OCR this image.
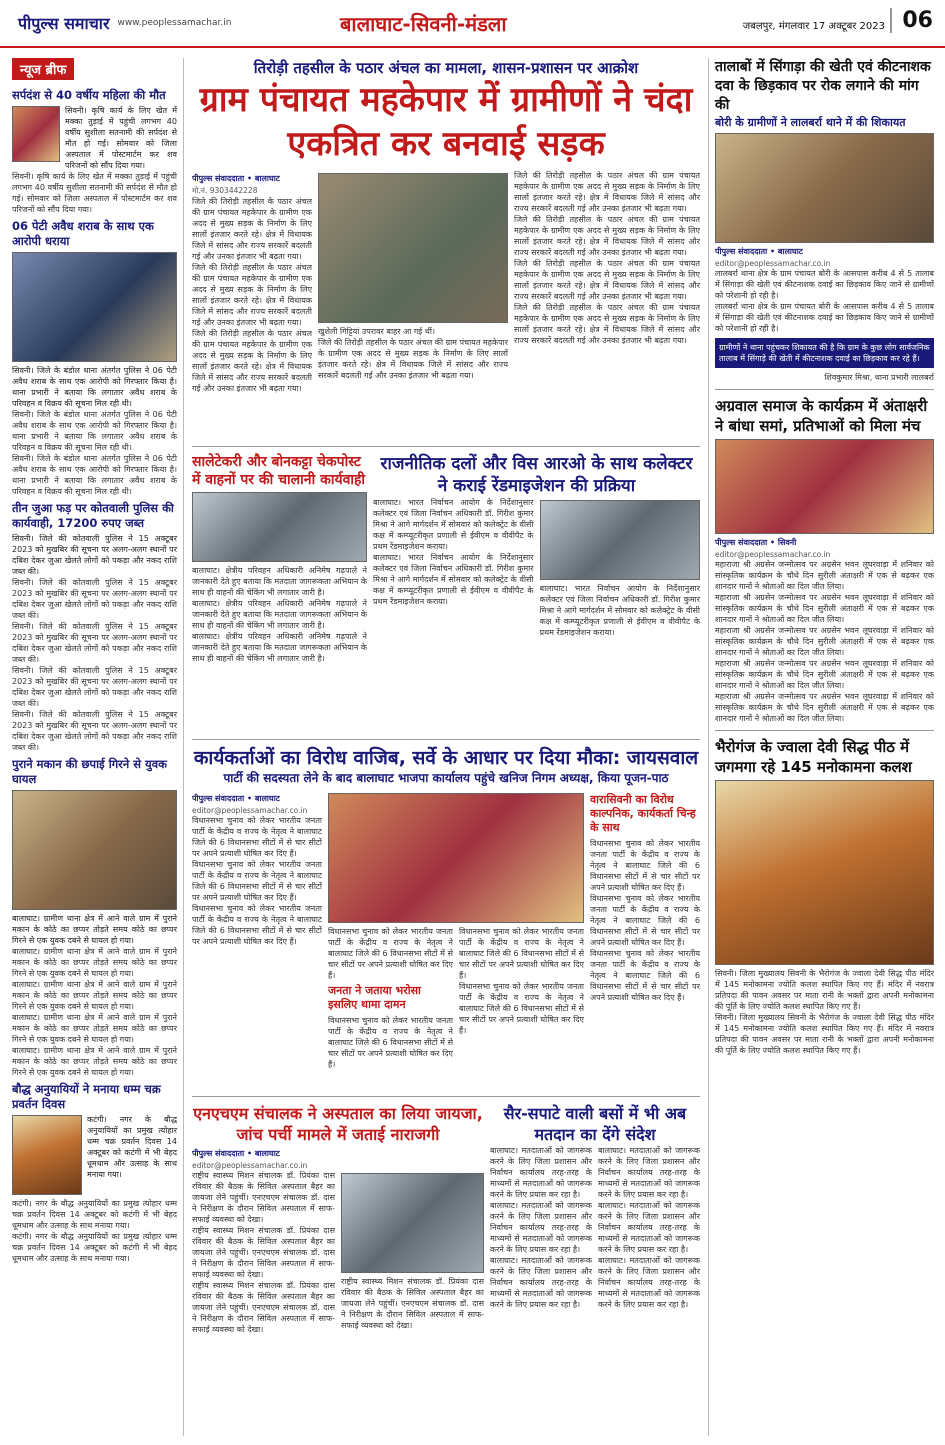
पीपुल्स समाचार www.peoplessamachar.in	बालाघाट-सिवनी-मंडला	जबलपुर, मंगलवार 17 अक्टूबर 2023 06
न्यूज ब्रीफ
सर्पदंश से 40 वर्षीय महिला की मौत
सिवनी। कृषि कार्य के लिए खेत में मक्का तुड़ाई में पहुंची लगभग 40 वर्षीय सुशीला सतनामी की सर्पदंश से मौत हो गई। सोमवार को जिला अस्पताल में पोस्टमार्टम कर शव परिजनों को सौंप दिया गया।
सिवनी। कृषि कार्य के लिए खेत में मक्का तुड़ाई में पहुंची लगभग 40 वर्षीय सुशीला सतनामी की सर्पदंश से मौत हो गई। सोमवार को जिला अस्पताल में पोस्टमार्टम कर शव परिजनों को सौंप दिया गया।
06 पेटी अवैध शराब के साथ एक आरोपी धराया
सिवनी। जिले के बंडोल थाना अंतर्गत पुलिस ने 06 पेटी अवैध शराब के साथ एक आरोपी को गिरफ्तार किया है। थाना प्रभारी ने बताया कि लगातार अवैध शराब के परिवहन व विक्रय की सूचना मिल रही थी।
सिवनी। जिले के बंडोल थाना अंतर्गत पुलिस ने 06 पेटी अवैध शराब के साथ एक आरोपी को गिरफ्तार किया है। थाना प्रभारी ने बताया कि लगातार अवैध शराब के परिवहन व विक्रय की सूचना मिल रही थी।
सिवनी। जिले के बंडोल थाना अंतर्गत पुलिस ने 06 पेटी अवैध शराब के साथ एक आरोपी को गिरफ्तार किया है। थाना प्रभारी ने बताया कि लगातार अवैध शराब के परिवहन व विक्रय की सूचना मिल रही थी।
तीन जुआ फड़ पर कोतवाली पुलिस की कार्यवाही, 17200 रुपए जब्त
सिवनी। जिले की कोतवाली पुलिस ने 15 अक्टूबर 2023 को मुखबिर की सूचना पर अलग-अलग स्थानों पर दबिश देकर जुआ खेलते लोगों को पकड़ा और नकद राशि जब्त की।
सिवनी। जिले की कोतवाली पुलिस ने 15 अक्टूबर 2023 को मुखबिर की सूचना पर अलग-अलग स्थानों पर दबिश देकर जुआ खेलते लोगों को पकड़ा और नकद राशि जब्त की।
सिवनी। जिले की कोतवाली पुलिस ने 15 अक्टूबर 2023 को मुखबिर की सूचना पर अलग-अलग स्थानों पर दबिश देकर जुआ खेलते लोगों को पकड़ा और नकद राशि जब्त की।
सिवनी। जिले की कोतवाली पुलिस ने 15 अक्टूबर 2023 को मुखबिर की सूचना पर अलग-अलग स्थानों पर दबिश देकर जुआ खेलते लोगों को पकड़ा और नकद राशि जब्त की।
सिवनी। जिले की कोतवाली पुलिस ने 15 अक्टूबर 2023 को मुखबिर की सूचना पर अलग-अलग स्थानों पर दबिश देकर जुआ खेलते लोगों को पकड़ा और नकद राशि जब्त की।
पुराने मकान की छपाई गिरने से युवक घायल
बालाघाट। ग्रामीण थाना क्षेत्र में आने वाले ग्राम में पुराने मकान के कोठे का छप्पर तोड़ते समय कोठे का छप्पर गिरने से एक युवक दबने से घायल हो गया।
बालाघाट। ग्रामीण थाना क्षेत्र में आने वाले ग्राम में पुराने मकान के कोठे का छप्पर तोड़ते समय कोठे का छप्पर गिरने से एक युवक दबने से घायल हो गया।
बालाघाट। ग्रामीण थाना क्षेत्र में आने वाले ग्राम में पुराने मकान के कोठे का छप्पर तोड़ते समय कोठे का छप्पर गिरने से एक युवक दबने से घायल हो गया।
बालाघाट। ग्रामीण थाना क्षेत्र में आने वाले ग्राम में पुराने मकान के कोठे का छप्पर तोड़ते समय कोठे का छप्पर गिरने से एक युवक दबने से घायल हो गया।
बालाघाट। ग्रामीण थाना क्षेत्र में आने वाले ग्राम में पुराने मकान के कोठे का छप्पर तोड़ते समय कोठे का छप्पर गिरने से एक युवक दबने से घायल हो गया।
बौद्ध अनुयायियों ने मनाया धम्म चक्र प्रवर्तन दिवस
कटंगी। नगर के बौद्ध अनुयायियों का प्रमुख त्योहार धम्म चक्र प्रवर्तन दिवस 14 अक्टूबर को कटंगी में भी बेहद धूमधाम और उत्साह के साथ मनाया गया।
कटंगी। नगर के बौद्ध अनुयायियों का प्रमुख त्योहार धम्म चक्र प्रवर्तन दिवस 14 अक्टूबर को कटंगी में भी बेहद धूमधाम और उत्साह के साथ मनाया गया।
कटंगी। नगर के बौद्ध अनुयायियों का प्रमुख त्योहार धम्म चक्र प्रवर्तन दिवस 14 अक्टूबर को कटंगी में भी बेहद धूमधाम और उत्साह के साथ मनाया गया।
तिरोड़ी तहसील के पठार अंचल का मामला, शासन-प्रशासन पर आक्रोश
ग्राम पंचायत महकेपार में ग्रामीणों ने चंदा एकत्रित कर बनवाई सड़क
पीपुल्स संवाददाता • बालाघाट
मो.नं. 9303442228
जिले की तिरोड़ी तहसील के पठार अंचल की ग्राम पंचायत महकेपार के ग्रामीण एक अदद से मुख्य सड़क के निर्माण के लिए सालों इंतजार करते रहे। क्षेत्र में विधायक जिले में सांसद और राज्य सरकारें बदलती गई और उनका इंतजार भी बढ़ता गया।
जिले की तिरोड़ी तहसील के पठार अंचल की ग्राम पंचायत महकेपार के ग्रामीण एक अदद से मुख्य सड़क के निर्माण के लिए सालों इंतजार करते रहे। क्षेत्र में विधायक जिले में सांसद और राज्य सरकारें बदलती गई और उनका इंतजार भी बढ़ता गया।
जिले की तिरोड़ी तहसील के पठार अंचल की ग्राम पंचायत महकेपार के ग्रामीण एक अदद से मुख्य सड़क के निर्माण के लिए सालों इंतजार करते रहे। क्षेत्र में विधायक जिले में सांसद और राज्य सरकारें बदलती गई और उनका इंतजार भी बढ़ता गया।
खुशेली गिट्टियां उपरावर बाहर आ गई थीं।
जिले की तिरोड़ी तहसील के पठार अंचल की ग्राम पंचायत महकेपार के ग्रामीण एक अदद से मुख्य सड़क के निर्माण के लिए सालों इंतजार करते रहे। क्षेत्र में विधायक जिले में सांसद और राज्य सरकारें बदलती गई और उनका इंतजार भी बढ़ता गया।
जिले की तिरोड़ी तहसील के पठार अंचल की ग्राम पंचायत महकेपार के ग्रामीण एक अदद से मुख्य सड़क के निर्माण के लिए सालों इंतजार करते रहे। क्षेत्र में विधायक जिले में सांसद और राज्य सरकारें बदलती गई और उनका इंतजार भी बढ़ता गया।
जिले की तिरोड़ी तहसील के पठार अंचल की ग्राम पंचायत महकेपार के ग्रामीण एक अदद से मुख्य सड़क के निर्माण के लिए सालों इंतजार करते रहे। क्षेत्र में विधायक जिले में सांसद और राज्य सरकारें बदलती गई और उनका इंतजार भी बढ़ता गया।
जिले की तिरोड़ी तहसील के पठार अंचल की ग्राम पंचायत महकेपार के ग्रामीण एक अदद से मुख्य सड़क के निर्माण के लिए सालों इंतजार करते रहे। क्षेत्र में विधायक जिले में सांसद और राज्य सरकारें बदलती गई और उनका इंतजार भी बढ़ता गया।
जिले की तिरोड़ी तहसील के पठार अंचल की ग्राम पंचायत महकेपार के ग्रामीण एक अदद से मुख्य सड़क के निर्माण के लिए सालों इंतजार करते रहे। क्षेत्र में विधायक जिले में सांसद और राज्य सरकारें बदलती गई और उनका इंतजार भी बढ़ता गया।
सालेटेकरी और बोनकट्टा चेकपोस्ट में वाहनों पर की चालानी कार्यवाही
बालाघाट। क्षेत्रीय परिवहन अधिकारी अनिमेष गढ़पाले ने जानकारी देते हुए बताया कि मतदाता जागरूकता अभियान के साथ ही वाहनों की चेकिंग भी लगातार जारी है।
बालाघाट। क्षेत्रीय परिवहन अधिकारी अनिमेष गढ़पाले ने जानकारी देते हुए बताया कि मतदाता जागरूकता अभियान के साथ ही वाहनों की चेकिंग भी लगातार जारी है।
बालाघाट। क्षेत्रीय परिवहन अधिकारी अनिमेष गढ़पाले ने जानकारी देते हुए बताया कि मतदाता जागरूकता अभियान के साथ ही वाहनों की चेकिंग भी लगातार जारी है।
राजनीतिक दलों और विस आरओ के साथ कलेक्टर ने कराई रेंडमाइजेशन की प्रक्रिया
बालाघाट। भारत निर्वाचन आयोग के निर्देशानुसार कलेक्टर एवं जिला निर्वाचन अधिकारी डॉ. गिरीश कुमार मिश्रा ने आगे मार्गदर्शन में सोमवार को कलेक्ट्रेट के वीसी कक्ष में कम्प्यूटरीकृत प्रणाली से ईवीएम व वीवीपैट के प्रथम रेंडमाइजेशन कराया।
बालाघाट। भारत निर्वाचन आयोग के निर्देशानुसार कलेक्टर एवं जिला निर्वाचन अधिकारी डॉ. गिरीश कुमार मिश्रा ने आगे मार्गदर्शन में सोमवार को कलेक्ट्रेट के वीसी कक्ष में कम्प्यूटरीकृत प्रणाली से ईवीएम व वीवीपैट के प्रथम रेंडमाइजेशन कराया।
बालाघाट। भारत निर्वाचन आयोग के निर्देशानुसार कलेक्टर एवं जिला निर्वाचन अधिकारी डॉ. गिरीश कुमार मिश्रा ने आगे मार्गदर्शन में सोमवार को कलेक्ट्रेट के वीसी कक्ष में कम्प्यूटरीकृत प्रणाली से ईवीएम व वीवीपैट के प्रथम रेंडमाइजेशन कराया।
कार्यकर्ताओं का विरोध वाजिब, सर्वे के आधार पर दिया मौका: जायसवाल
पार्टी की सदस्यता लेने के बाद बालाघाट भाजपा कार्यालय पहुंचे खनिज निगम अध्यक्ष, किया पूजन-पाठ
पीपुल्स संवाददाता • बालाघाट
editor@peoplessamachar.co.in
विधानसभा चुनाव को लेकर भारतीय जनता पार्टी के केंद्रीय व राज्य के नेतृत्व ने बालाघाट जिले की 6 विधानसभा सीटों में से चार सीटों पर अपने प्रत्याशी घोषित कर दिए हैं।
विधानसभा चुनाव को लेकर भारतीय जनता पार्टी के केंद्रीय व राज्य के नेतृत्व ने बालाघाट जिले की 6 विधानसभा सीटों में से चार सीटों पर अपने प्रत्याशी घोषित कर दिए हैं।
विधानसभा चुनाव को लेकर भारतीय जनता पार्टी के केंद्रीय व राज्य के नेतृत्व ने बालाघाट जिले की 6 विधानसभा सीटों में से चार सीटों पर अपने प्रत्याशी घोषित कर दिए हैं।
विधानसभा चुनाव को लेकर भारतीय जनता पार्टी के केंद्रीय व राज्य के नेतृत्व ने बालाघाट जिले की 6 विधानसभा सीटों में से चार सीटों पर अपने प्रत्याशी घोषित कर दिए हैं।
जनता ने जताया भरोसा इसलिए थामा दामन
विधानसभा चुनाव को लेकर भारतीय जनता पार्टी के केंद्रीय व राज्य के नेतृत्व ने बालाघाट जिले की 6 विधानसभा सीटों में से चार सीटों पर अपने प्रत्याशी घोषित कर दिए हैं।
विधानसभा चुनाव को लेकर भारतीय जनता पार्टी के केंद्रीय व राज्य के नेतृत्व ने बालाघाट जिले की 6 विधानसभा सीटों में से चार सीटों पर अपने प्रत्याशी घोषित कर दिए हैं।
विधानसभा चुनाव को लेकर भारतीय जनता पार्टी के केंद्रीय व राज्य के नेतृत्व ने बालाघाट जिले की 6 विधानसभा सीटों में से चार सीटों पर अपने प्रत्याशी घोषित कर दिए हैं।
वारासिवनी का विरोध काल्पनिक, कार्यकर्ता चिन्ह के साथ
विधानसभा चुनाव को लेकर भारतीय जनता पार्टी के केंद्रीय व राज्य के नेतृत्व ने बालाघाट जिले की 6 विधानसभा सीटों में से चार सीटों पर अपने प्रत्याशी घोषित कर दिए हैं।
विधानसभा चुनाव को लेकर भारतीय जनता पार्टी के केंद्रीय व राज्य के नेतृत्व ने बालाघाट जिले की 6 विधानसभा सीटों में से चार सीटों पर अपने प्रत्याशी घोषित कर दिए हैं।
विधानसभा चुनाव को लेकर भारतीय जनता पार्टी के केंद्रीय व राज्य के नेतृत्व ने बालाघाट जिले की 6 विधानसभा सीटों में से चार सीटों पर अपने प्रत्याशी घोषित कर दिए हैं।
एनएचएम संचालक ने अस्पताल का लिया जायजा, जांच पर्ची मामले में जताई नाराजगी
पीपुल्स संवाददाता • बालाघाट
editor@peoplessamachar.co.in
राष्ट्रीय स्वास्थ्य मिशन संचालक डॉ. प्रियंका दास रविवार की बैठक के सिविल अस्पताल बैहर का जायजा लेने पहुंचीं। एनएचएम संचालक डॉ. दास ने निरीक्षण के दौरान सिविल अस्पताल में साफ-सफाई व्यवस्था को देखा।
राष्ट्रीय स्वास्थ्य मिशन संचालक डॉ. प्रियंका दास रविवार की बैठक के सिविल अस्पताल बैहर का जायजा लेने पहुंचीं। एनएचएम संचालक डॉ. दास ने निरीक्षण के दौरान सिविल अस्पताल में साफ-सफाई व्यवस्था को देखा।
राष्ट्रीय स्वास्थ्य मिशन संचालक डॉ. प्रियंका दास रविवार की बैठक के सिविल अस्पताल बैहर का जायजा लेने पहुंचीं। एनएचएम संचालक डॉ. दास ने निरीक्षण के दौरान सिविल अस्पताल में साफ-सफाई व्यवस्था को देखा।
राष्ट्रीय स्वास्थ्य मिशन संचालक डॉ. प्रियंका दास रविवार की बैठक के सिविल अस्पताल बैहर का जायजा लेने पहुंचीं। एनएचएम संचालक डॉ. दास ने निरीक्षण के दौरान सिविल अस्पताल में साफ-सफाई व्यवस्था को देखा।
सैर-सपाटे वाली बसों में भी अब मतदान का देंगे संदेश
बालाघाट। मतदाताओं को जागरूक करने के लिए जिला प्रशासन और निर्वाचन कार्यालय तरह-तरह के माध्यमों से मतदाताओं को जागरूक करने के लिए प्रयास कर रहा है।
बालाघाट। मतदाताओं को जागरूक करने के लिए जिला प्रशासन और निर्वाचन कार्यालय तरह-तरह के माध्यमों से मतदाताओं को जागरूक करने के लिए प्रयास कर रहा है।
बालाघाट। मतदाताओं को जागरूक करने के लिए जिला प्रशासन और निर्वाचन कार्यालय तरह-तरह के माध्यमों से मतदाताओं को जागरूक करने के लिए प्रयास कर रहा है।
बालाघाट। मतदाताओं को जागरूक करने के लिए जिला प्रशासन और निर्वाचन कार्यालय तरह-तरह के माध्यमों से मतदाताओं को जागरूक करने के लिए प्रयास कर रहा है।
बालाघाट। मतदाताओं को जागरूक करने के लिए जिला प्रशासन और निर्वाचन कार्यालय तरह-तरह के माध्यमों से मतदाताओं को जागरूक करने के लिए प्रयास कर रहा है।
बालाघाट। मतदाताओं को जागरूक करने के लिए जिला प्रशासन और निर्वाचन कार्यालय तरह-तरह के माध्यमों से मतदाताओं को जागरूक करने के लिए प्रयास कर रहा है।
तालाबों में सिंगाड़ा की खेती एवं कीटनाशक दवा के छिड़काव पर रोक लगाने की मांग की
बोरी के ग्रामीणों ने लालबर्रा थाने में की शिकायत
पीपुल्स संवाददाता • बालाघाट
editor@peoplessamachar.co.in
लालबर्रा थाना क्षेत्र के ग्राम पंचायत बोरी के आसपास करीब 4 से 5 तालाब में सिंगाड़ा की खेती एवं कीटनाशक दवाई का छिड़काव किए जाने से ग्रामीणों को परेशानी हो रही है।
लालबर्रा थाना क्षेत्र के ग्राम पंचायत बोरी के आसपास करीब 4 से 5 तालाब में सिंगाड़ा की खेती एवं कीटनाशक दवाई का छिड़काव किए जाने से ग्रामीणों को परेशानी हो रही है।
ग्रामीणों ने थाना पहुंचकर शिकायत की है कि ग्राम के कुछ लोग सार्वजनिक तालाब में सिंगाड़े की खेती में कीटनाशक दवाई का छिड़काव कर रहे हैं।
शिवकुमार मिश्रा, थाना प्रभारी लालबर्रा
अग्रवाल समाज के कार्यक्रम में अंताक्षरी ने बांधा समां, प्रतिभाओं को मिला मंच
पीपुल्स संवाददाता • सिवनी
editor@peoplessamachar.co.in
महाराजा श्री अग्रसेन जन्मोत्सव पर अग्रसेन भवन लूघरवाड़ा में शनिवार को सांस्कृतिक कार्यक्रम के चौथे दिन सुरीली अंताक्षरी में एक से बढ़कर एक शानदार गानों ने श्रोताओं का दिल जीत लिया।
महाराजा श्री अग्रसेन जन्मोत्सव पर अग्रसेन भवन लूघरवाड़ा में शनिवार को सांस्कृतिक कार्यक्रम के चौथे दिन सुरीली अंताक्षरी में एक से बढ़कर एक शानदार गानों ने श्रोताओं का दिल जीत लिया।
महाराजा श्री अग्रसेन जन्मोत्सव पर अग्रसेन भवन लूघरवाड़ा में शनिवार को सांस्कृतिक कार्यक्रम के चौथे दिन सुरीली अंताक्षरी में एक से बढ़कर एक शानदार गानों ने श्रोताओं का दिल जीत लिया।
महाराजा श्री अग्रसेन जन्मोत्सव पर अग्रसेन भवन लूघरवाड़ा में शनिवार को सांस्कृतिक कार्यक्रम के चौथे दिन सुरीली अंताक्षरी में एक से बढ़कर एक शानदार गानों ने श्रोताओं का दिल जीत लिया।
महाराजा श्री अग्रसेन जन्मोत्सव पर अग्रसेन भवन लूघरवाड़ा में शनिवार को सांस्कृतिक कार्यक्रम के चौथे दिन सुरीली अंताक्षरी में एक से बढ़कर एक शानदार गानों ने श्रोताओं का दिल जीत लिया।
भैरोगंज के ज्वाला देवी सिद्ध पीठ में जगमगा रहे 145 मनोकामना कलश
सिवनी। जिला मुख्यालय सिवनी के भैरोगंज के ज्वाला देवी सिद्ध पीठ मंदिर में 145 मनोकामना ज्योति कलश स्थापित किए गए हैं। मंदिर में नवरात्र प्रतिपदा की पावन अवसर पर माता रानी के भक्तों द्वारा अपनी मनोकामना की पूर्ति के लिए ज्योति कलश स्थापित किए गए हैं।
सिवनी। जिला मुख्यालय सिवनी के भैरोगंज के ज्वाला देवी सिद्ध पीठ मंदिर में 145 मनोकामना ज्योति कलश स्थापित किए गए हैं। मंदिर में नवरात्र प्रतिपदा की पावन अवसर पर माता रानी के भक्तों द्वारा अपनी मनोकामना की पूर्ति के लिए ज्योति कलश स्थापित किए गए हैं।
